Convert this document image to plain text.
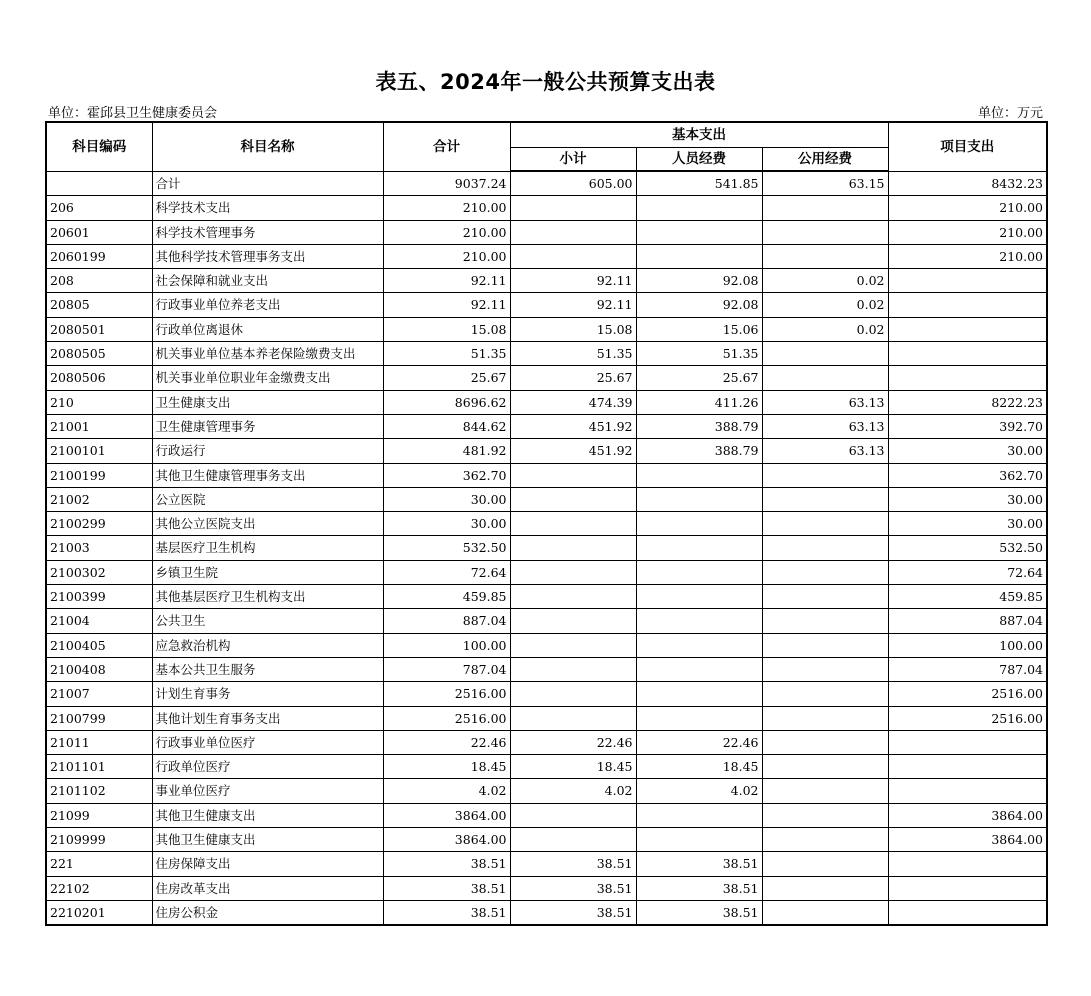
表五、2024年一般公共预算支出表
单位：霍邱县卫生健康委员会	单位：万元
科目编码	科目名称	合计	基本支出			项目支出
			小计	人员经费	公用经费	
	合计	9037.24	605.00	541.85	63.15	8432.23
206	科学技术支出	210.00				210.00
20601	科学技术管理事务	210.00				210.00
2060199	其他科学技术管理事务支出	210.00				210.00
208	社会保障和就业支出	92.11	92.11	92.08	0.02	
20805	行政事业单位养老支出	92.11	92.11	92.08	0.02	
2080501	行政单位离退休	15.08	15.08	15.06	0.02	
2080505	机关事业单位基本养老保险缴费支出	51.35	51.35	51.35		
2080506	机关事业单位职业年金缴费支出	25.67	25.67	25.67		
210	卫生健康支出	8696.62	474.39	411.26	63.13	8222.23
21001	卫生健康管理事务	844.62	451.92	388.79	63.13	392.70
2100101	行政运行	481.92	451.92	388.79	63.13	30.00
2100199	其他卫生健康管理事务支出	362.70				362.70
21002	公立医院	30.00				30.00
2100299	其他公立医院支出	30.00				30.00
21003	基层医疗卫生机构	532.50				532.50
2100302	乡镇卫生院	72.64				72.64
2100399	其他基层医疗卫生机构支出	459.85				459.85
21004	公共卫生	887.04				887.04
2100405	应急救治机构	100.00				100.00
2100408	基本公共卫生服务	787.04				787.04
21007	计划生育事务	2516.00				2516.00
2100799	其他计划生育事务支出	2516.00				2516.00
21011	行政事业单位医疗	22.46	22.46	22.46		
2101101	行政单位医疗	18.45	18.45	18.45		
2101102	事业单位医疗	4.02	4.02	4.02		
21099	其他卫生健康支出	3864.00				3864.00
2109999	其他卫生健康支出	3864.00				3864.00
221	住房保障支出	38.51	38.51	38.51		
22102	住房改革支出	38.51	38.51	38.51		
2210201	住房公积金	38.51	38.51	38.51		
